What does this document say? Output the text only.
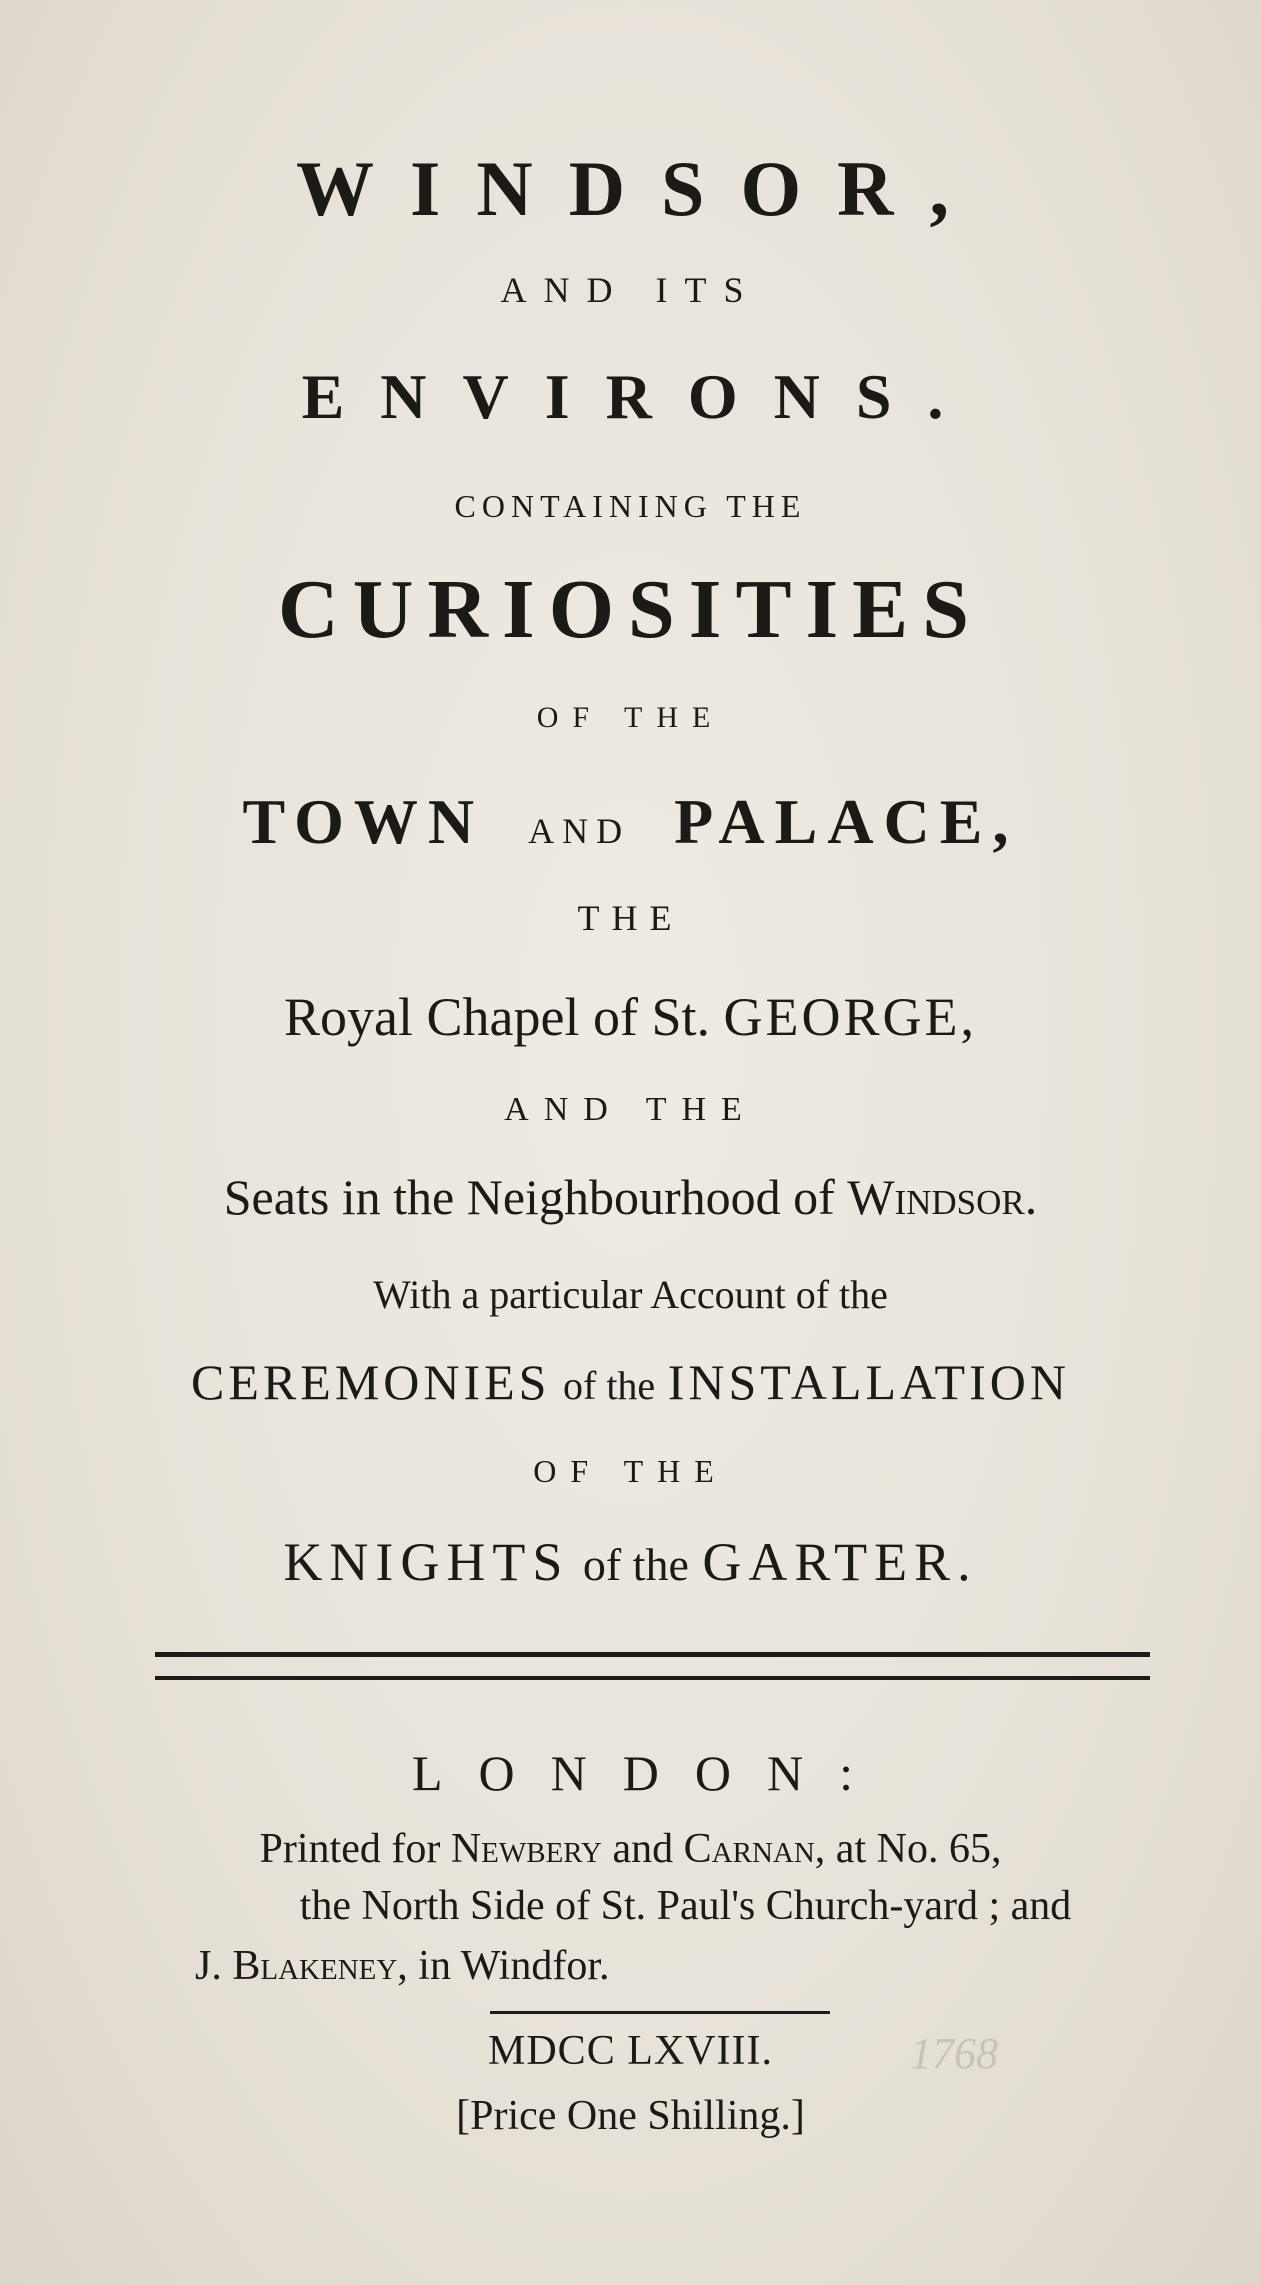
WINDSOR,
AND ITS
ENVIRONS.
CONTAINING THE
CURIOSITIES
OF THE
TOWN AND PALACE,
THE
Royal Chapel of St. GEORGE,
AND THE
Seats in the Neighbourhood of Windsor.
With a particular Account of the
CEREMONIES of the INSTALLATION
OF THE
KNIGHTS of the GARTER.
LONDON:
Printed for Newbery and Carnan, at No. 65,
the North Side of St. Paul's Church-yard ; and
J. Blakeney, in Windfor.
MDCC LXVIII.
[Price One Shilling.]
1768
